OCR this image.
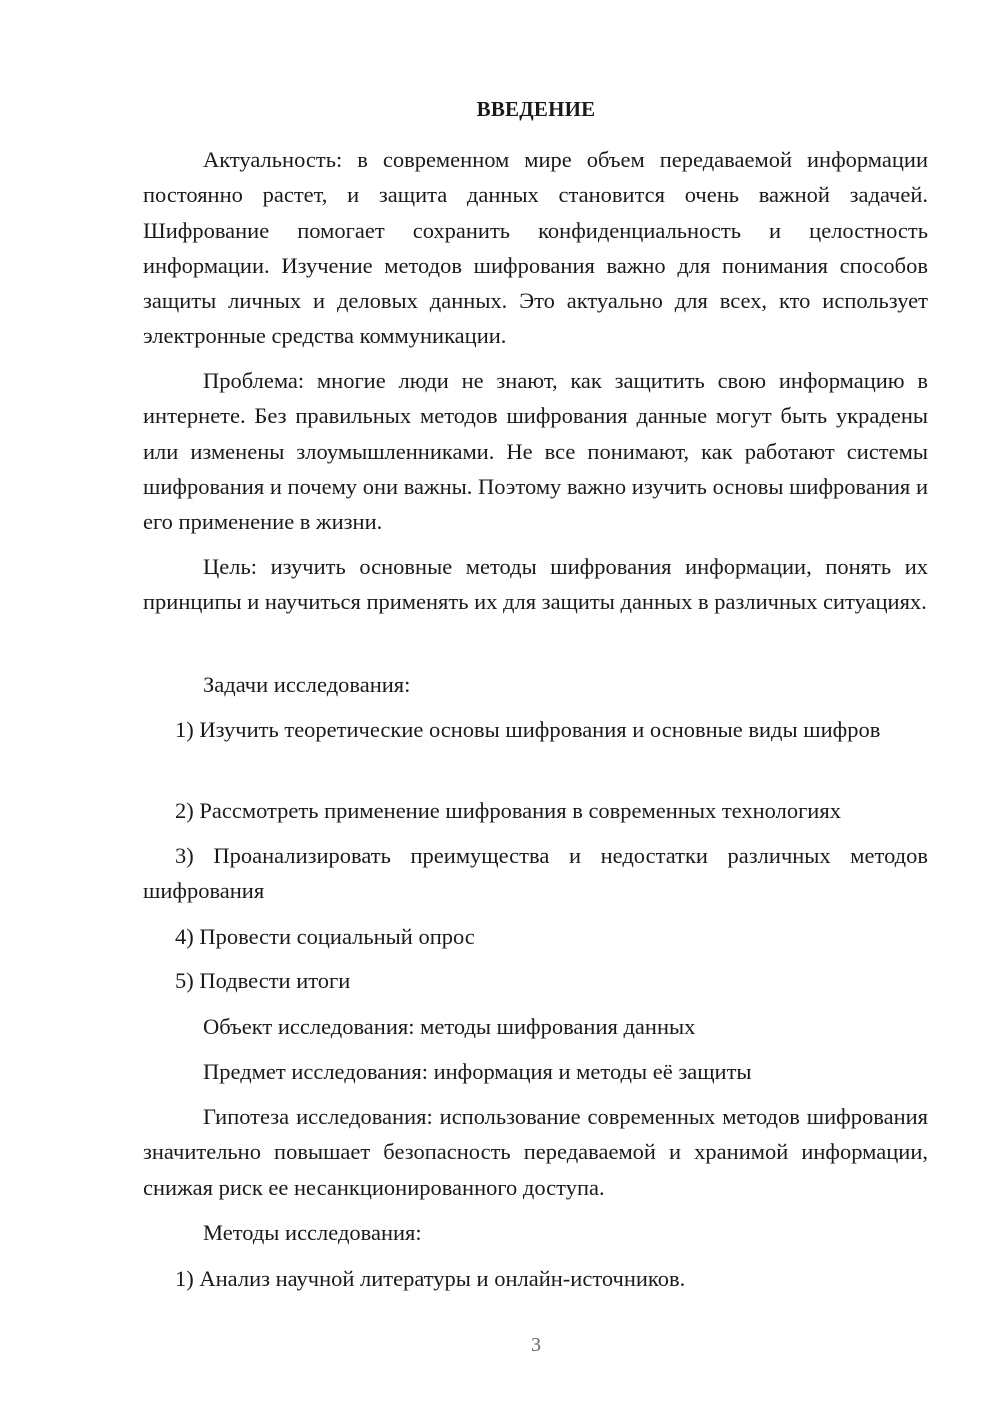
ВВЕДЕНИЕ

Актуальность: в современном мире объем передаваемой информации постоянно растет, и защита данных становится очень важной задачей. Шифрование помогает сохранить конфиденциальность и целостность информации. Изучение методов шифрования важно для понимания способов защиты личных и деловых данных. Это актуально для всех, кто использует электронные средства коммуникации.

Проблема: многие люди не знают, как защитить свою информацию в интернете. Без правильных методов шифрования данные могут быть украдены или изменены злоумышленниками. Не все понимают, как работают системы шифрования и почему они важны. Поэтому важно изучить основы шифрования и его применение в жизни.

Цель: изучить основные методы шифрования информации, понять их принципы и научиться применять их для защиты данных в различных ситуациях.

Задачи исследования:

1) Изучить теоретические основы шифрования и основные виды шифров

2) Рассмотреть применение шифрования в современных технологиях

3) Проанализировать преимущества и недостатки различных методов шифрования

4) Провести социальный опрос

5) Подвести итоги

Объект исследования: методы шифрования данных

Предмет исследования: информация и методы её защиты

Гипотеза исследования: использование современных методов шифрования значительно повышает безопасность передаваемой и хранимой информации, снижая риск ее несанкционированного доступа.

Методы исследования:

1) Анализ научной литературы и онлайн-источников.

3
